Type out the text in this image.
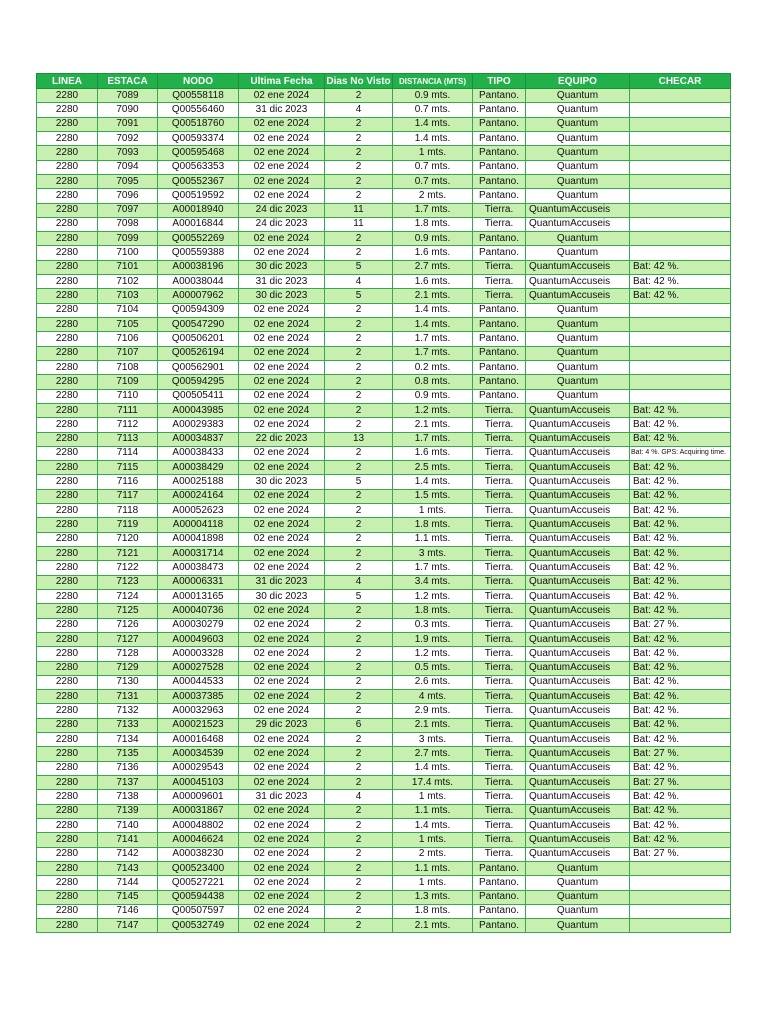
LINEA	ESTACA	NODO	Ultima Fecha	Dias No Visto	DISTANCIA (MTS)	TIPO	EQUIPO	CHECAR
2280	7089	Q00558118	02 ene 2024	2	0.9 mts.	Pantano.	Quantum	
2280	7090	Q00556460	31 dic 2023	4	0.7 mts.	Pantano.	Quantum	
2280	7091	Q00518760	02 ene 2024	2	1.4 mts.	Pantano.	Quantum	
2280	7092	Q00593374	02 ene 2024	2	1.4 mts.	Pantano.	Quantum	
2280	7093	Q00595468	02 ene 2024	2	1 mts.	Pantano.	Quantum	
2280	7094	Q00563353	02 ene 2024	2	0.7 mts.	Pantano.	Quantum	
2280	7095	Q00552367	02 ene 2024	2	0.7 mts.	Pantano.	Quantum	
2280	7096	Q00519592	02 ene 2024	2	2 mts.	Pantano.	Quantum	
2280	7097	A00018940	24 dic 2023	11	1.7 mts.	Tierra.	QuantumAccuseis	
2280	7098	A00016844	24 dic 2023	11	1.8 mts.	Tierra.	QuantumAccuseis	
2280	7099	Q00552269	02 ene 2024	2	0.9 mts.	Pantano.	Quantum	
2280	7100	Q00559388	02 ene 2024	2	1.6 mts.	Pantano.	Quantum	
2280	7101	A00038196	30 dic 2023	5	2.7 mts.	Tierra.	QuantumAccuseis	Bat: 42 %.
2280	7102	A00038044	31 dic 2023	4	1.6 mts.	Tierra.	QuantumAccuseis	Bat: 42 %.
2280	7103	A00007962	30 dic 2023	5	2.1 mts.	Tierra.	QuantumAccuseis	Bat: 42 %.
2280	7104	Q00594309	02 ene 2024	2	1.4 mts.	Pantano.	Quantum	
2280	7105	Q00547290	02 ene 2024	2	1.4 mts.	Pantano.	Quantum	
2280	7106	Q00506201	02 ene 2024	2	1.7 mts.	Pantano.	Quantum	
2280	7107	Q00526194	02 ene 2024	2	1.7 mts.	Pantano.	Quantum	
2280	7108	Q00562901	02 ene 2024	2	0.2 mts.	Pantano.	Quantum	
2280	7109	Q00594295	02 ene 2024	2	0.8 mts.	Pantano.	Quantum	
2280	7110	Q00505411	02 ene 2024	2	0.9 mts.	Pantano.	Quantum	
2280	7111	A00043985	02 ene 2024	2	1.2 mts.	Tierra.	QuantumAccuseis	Bat: 42 %.
2280	7112	A00029383	02 ene 2024	2	2.1 mts.	Tierra.	QuantumAccuseis	Bat: 42 %.
2280	7113	A00034837	22 dic 2023	13	1.7 mts.	Tierra.	QuantumAccuseis	Bat: 42 %.
2280	7114	A00038433	02 ene 2024	2	1.6 mts.	Tierra.	QuantumAccuseis	Bat: 4 %. GPS: Acquiring time.
2280	7115	A00038429	02 ene 2024	2	2.5 mts.	Tierra.	QuantumAccuseis	Bat: 42 %.
2280	7116	A00025188	30 dic 2023	5	1.4 mts.	Tierra.	QuantumAccuseis	Bat: 42 %.
2280	7117	A00024164	02 ene 2024	2	1.5 mts.	Tierra.	QuantumAccuseis	Bat: 42 %.
2280	7118	A00052623	02 ene 2024	2	1 mts.	Tierra.	QuantumAccuseis	Bat: 42 %.
2280	7119	A00004118	02 ene 2024	2	1.8 mts.	Tierra.	QuantumAccuseis	Bat: 42 %.
2280	7120	A00041898	02 ene 2024	2	1.1 mts.	Tierra.	QuantumAccuseis	Bat: 42 %.
2280	7121	A00031714	02 ene 2024	2	3 mts.	Tierra.	QuantumAccuseis	Bat: 42 %.
2280	7122	A00038473	02 ene 2024	2	1.7 mts.	Tierra.	QuantumAccuseis	Bat: 42 %.
2280	7123	A00006331	31 dic 2023	4	3.4 mts.	Tierra.	QuantumAccuseis	Bat: 42 %.
2280	7124	A00013165	30 dic 2023	5	1.2 mts.	Tierra.	QuantumAccuseis	Bat: 42 %.
2280	7125	A00040736	02 ene 2024	2	1.8 mts.	Tierra.	QuantumAccuseis	Bat: 42 %.
2280	7126	A00030279	02 ene 2024	2	0.3 mts.	Tierra.	QuantumAccuseis	Bat: 27 %.
2280	7127	A00049603	02 ene 2024	2	1.9 mts.	Tierra.	QuantumAccuseis	Bat: 42 %.
2280	7128	A00003328	02 ene 2024	2	1.2 mts.	Tierra.	QuantumAccuseis	Bat: 42 %.
2280	7129	A00027528	02 ene 2024	2	0.5 mts.	Tierra.	QuantumAccuseis	Bat: 42 %.
2280	7130	A00044533	02 ene 2024	2	2.6 mts.	Tierra.	QuantumAccuseis	Bat: 42 %.
2280	7131	A00037385	02 ene 2024	2	4 mts.	Tierra.	QuantumAccuseis	Bat: 42 %.
2280	7132	A00032963	02 ene 2024	2	2.9 mts.	Tierra.	QuantumAccuseis	Bat: 42 %.
2280	7133	A00021523	29 dic 2023	6	2.1 mts.	Tierra.	QuantumAccuseis	Bat: 42 %.
2280	7134	A00016468	02 ene 2024	2	3 mts.	Tierra.	QuantumAccuseis	Bat: 42 %.
2280	7135	A00034539	02 ene 2024	2	2.7 mts.	Tierra.	QuantumAccuseis	Bat: 27 %.
2280	7136	A00029543	02 ene 2024	2	1.4 mts.	Tierra.	QuantumAccuseis	Bat: 42 %.
2280	7137	A00045103	02 ene 2024	2	17.4 mts.	Tierra.	QuantumAccuseis	Bat: 27 %.
2280	7138	A00009601	31 dic 2023	4	1 mts.	Tierra.	QuantumAccuseis	Bat: 42 %.
2280	7139	A00031867	02 ene 2024	2	1.1 mts.	Tierra.	QuantumAccuseis	Bat: 42 %.
2280	7140	A00048802	02 ene 2024	2	1.4 mts.	Tierra.	QuantumAccuseis	Bat: 42 %.
2280	7141	A00046624	02 ene 2024	2	1 mts.	Tierra.	QuantumAccuseis	Bat: 42 %.
2280	7142	A00038230	02 ene 2024	2	2 mts.	Tierra.	QuantumAccuseis	Bat: 27 %.
2280	7143	Q00523400	02 ene 2024	2	1.1 mts.	Pantano.	Quantum	
2280	7144	Q00527221	02 ene 2024	2	1 mts.	Pantano.	Quantum	
2280	7145	Q00594438	02 ene 2024	2	1.3 mts.	Pantano.	Quantum	
2280	7146	Q00507597	02 ene 2024	2	1.8 mts.	Pantano.	Quantum	
2280	7147	Q00532749	02 ene 2024	2	2.1 mts.	Pantano.	Quantum	
